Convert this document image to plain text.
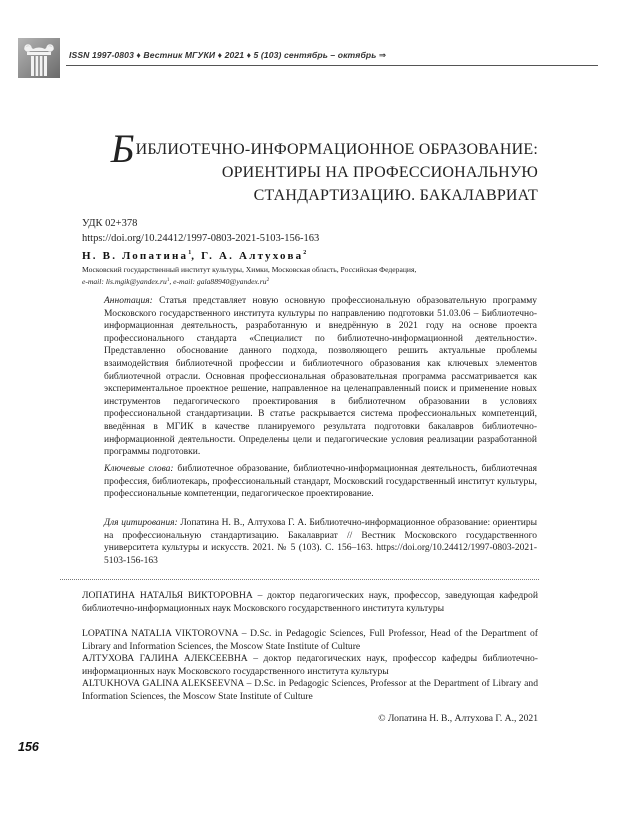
ISSN 1997-0803 ♦ Вестник МГУКИ ♦ 2021 ♦ 5 (103) сентябрь – октябрь ⇒
БИБЛИОТЕЧНО-ИНФОРМАЦИОННОЕ ОБРАЗОВАНИЕ:
ОРИЕНТИРЫ НА ПРОФЕССИОНАЛЬНУЮ
СТАНДАРТИЗАЦИЮ. БАКАЛАВРИАТ
УДК 02+378
https://doi.org/10.24412/1997-0803-2021-5103-156-163
Н. В. Лопатина$^1$, Г. А. Алтухова$^2$
Московский государственный институт культуры, Химки, Московская область, Российская Федерация,
e-mail: $lis.mgik@yandex.ru^1$, e-mail: $gala88940@yandex.ru^2$
Аннотация: Статья представляет новую основную профессиональную образовательную программу Московского государственного института культуры по направлению подготовки 51.03.06 – Библиотечно-информационная деятельность, разработанную и внедрённую в 2021 году на основе проекта профессионального стандарта «Специалист по библиотечно-информационной деятельности». Представленно обоснование данного подхода, позволяющего решить актуальные проблемы взаимодействия библиотечной профессии и библиотечного образования как ключевых элементов библиотечной отрасли. Основная профессиональная образовательная программа рассматривается как экспериментальное проектное решение, направленное на целенаправленный поиск и применение новых инструментов педагогического проектирования в библиотечном образовании в условиях профессиональной стандартизации. В статье раскрывается система профессиональных компетенций, введённая в МГИК в качестве планируемого результата подготовки бакалавров библиотечно-информационной деятельности. Определены цели и педагогические условия реализации разработанной программы подготовки.
Ключевые слова: библиотечное образование, библиотечно-информационная деятельность, библиотечная профессия, библиотекарь, профессиональный стандарт, Московский государственный институт культуры, профессиональные компетенции, педагогическое проектирование.
Для цитирования: Лопатина Н. В., Алтухова Г. А. Библиотечно-информационное образование: ориентиры на профессиональную стандартизацию. Бакалавриат // Вестник Московского государственного университета культуры и искусств. 2021. № 5 (103). С. 156–163. https://doi.org/10.24412/1997-0803-2021-5103-156-163
ЛОПАТИНА НАТАЛЬЯ ВИКТОРОВНА – доктор педагогических наук, профессор, заведующая кафедрой библиотечно-информационных наук Московского государственного института культуры
LOPATINA NATALIA VIKTOROVNA – D.Sc. in Pedagogic Sciences, Full Professor, Head of the Department of Library and Information Sciences, the Moscow State Institute of Culture
АЛТУХОВА ГАЛИНА АЛЕКСЕЕВНА – доктор педагогических наук, профессор кафедры библиотечно-информационных наук Московского государственного института культуры
ALTUKHOVA GALINA ALEKSEEVNA – D.Sc. in Pedagogic Sciences, Professor at the Department of Library and Information Sciences, the Moscow State Institute of Culture
© Лопатина Н. В., Алтухова Г. А., 2021
156
